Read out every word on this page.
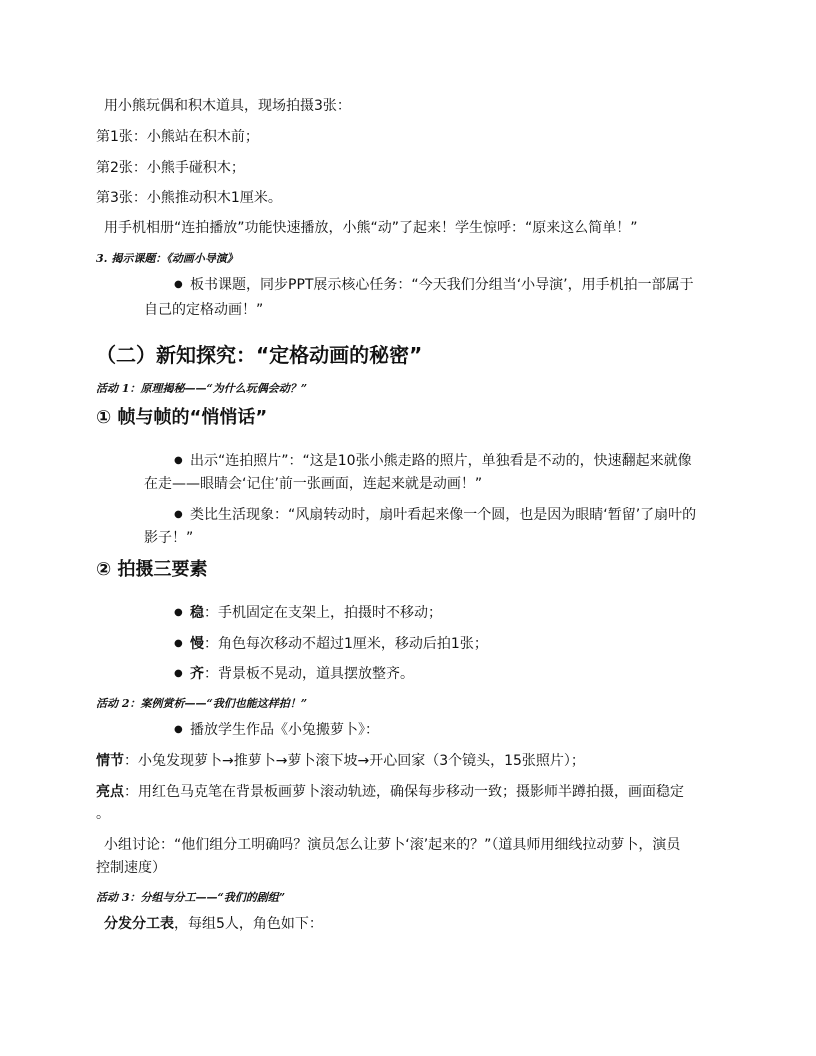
用小熊玩偶和积木道具，现场拍摄3张：
第1张：小熊站在积木前；
第2张：小熊手碰积木；
第3张：小熊推动积木1厘米。
用手机相册“连拍播放”功能快速播放，小熊“动”了起来！学生惊呼：“原来这么简单！”
3. 揭示课题：《动画小导演》
● 板书课题，同步PPT展示核心任务：“今天我们分组当‘小导演’，用手机拍一部属于
自己的定格动画！”
（二）新知探究：“定格动画的秘密”
活动 1：原理揭秘——“为什么玩偶会动？”
① 帧与帧的“悄悄话”
● 出示“连拍照片”：“这是10张小熊走路的照片，单独看是不动的，快速翻起来就像
在走——眼睛会‘记住’前一张画面，连起来就是动画！”
● 类比生活现象：“风扇转动时，扇叶看起来像一个圆，也是因为眼睛‘暂留’了扇叶的
影子！”
② 拍摄三要素
● 稳：手机固定在支架上，拍摄时不移动；
● 慢：角色每次移动不超过1厘米，移动后拍1张；
● 齐：背景板不晃动，道具摆放整齐。
活动 2：案例赏析——“我们也能这样拍！”
● 播放学生作品《小兔搬萝卜》：
情节：小兔发现萝卜→推萝卜→萝卜滚下坡→开心回家（3个镜头，15张照片）；
亮点：用红色马克笔在背景板画萝卜滚动轨迹，确保每步移动一致；摄影师半蹲拍摄，画面稳定
。
小组讨论：“他们组分工明确吗？演员怎么让萝卜‘滚’起来的？”（道具师用细线拉动萝卜，演员
控制速度）
活动 3：分组与分工——“我们的剧组”
分发分工表，每组5人，角色如下：
